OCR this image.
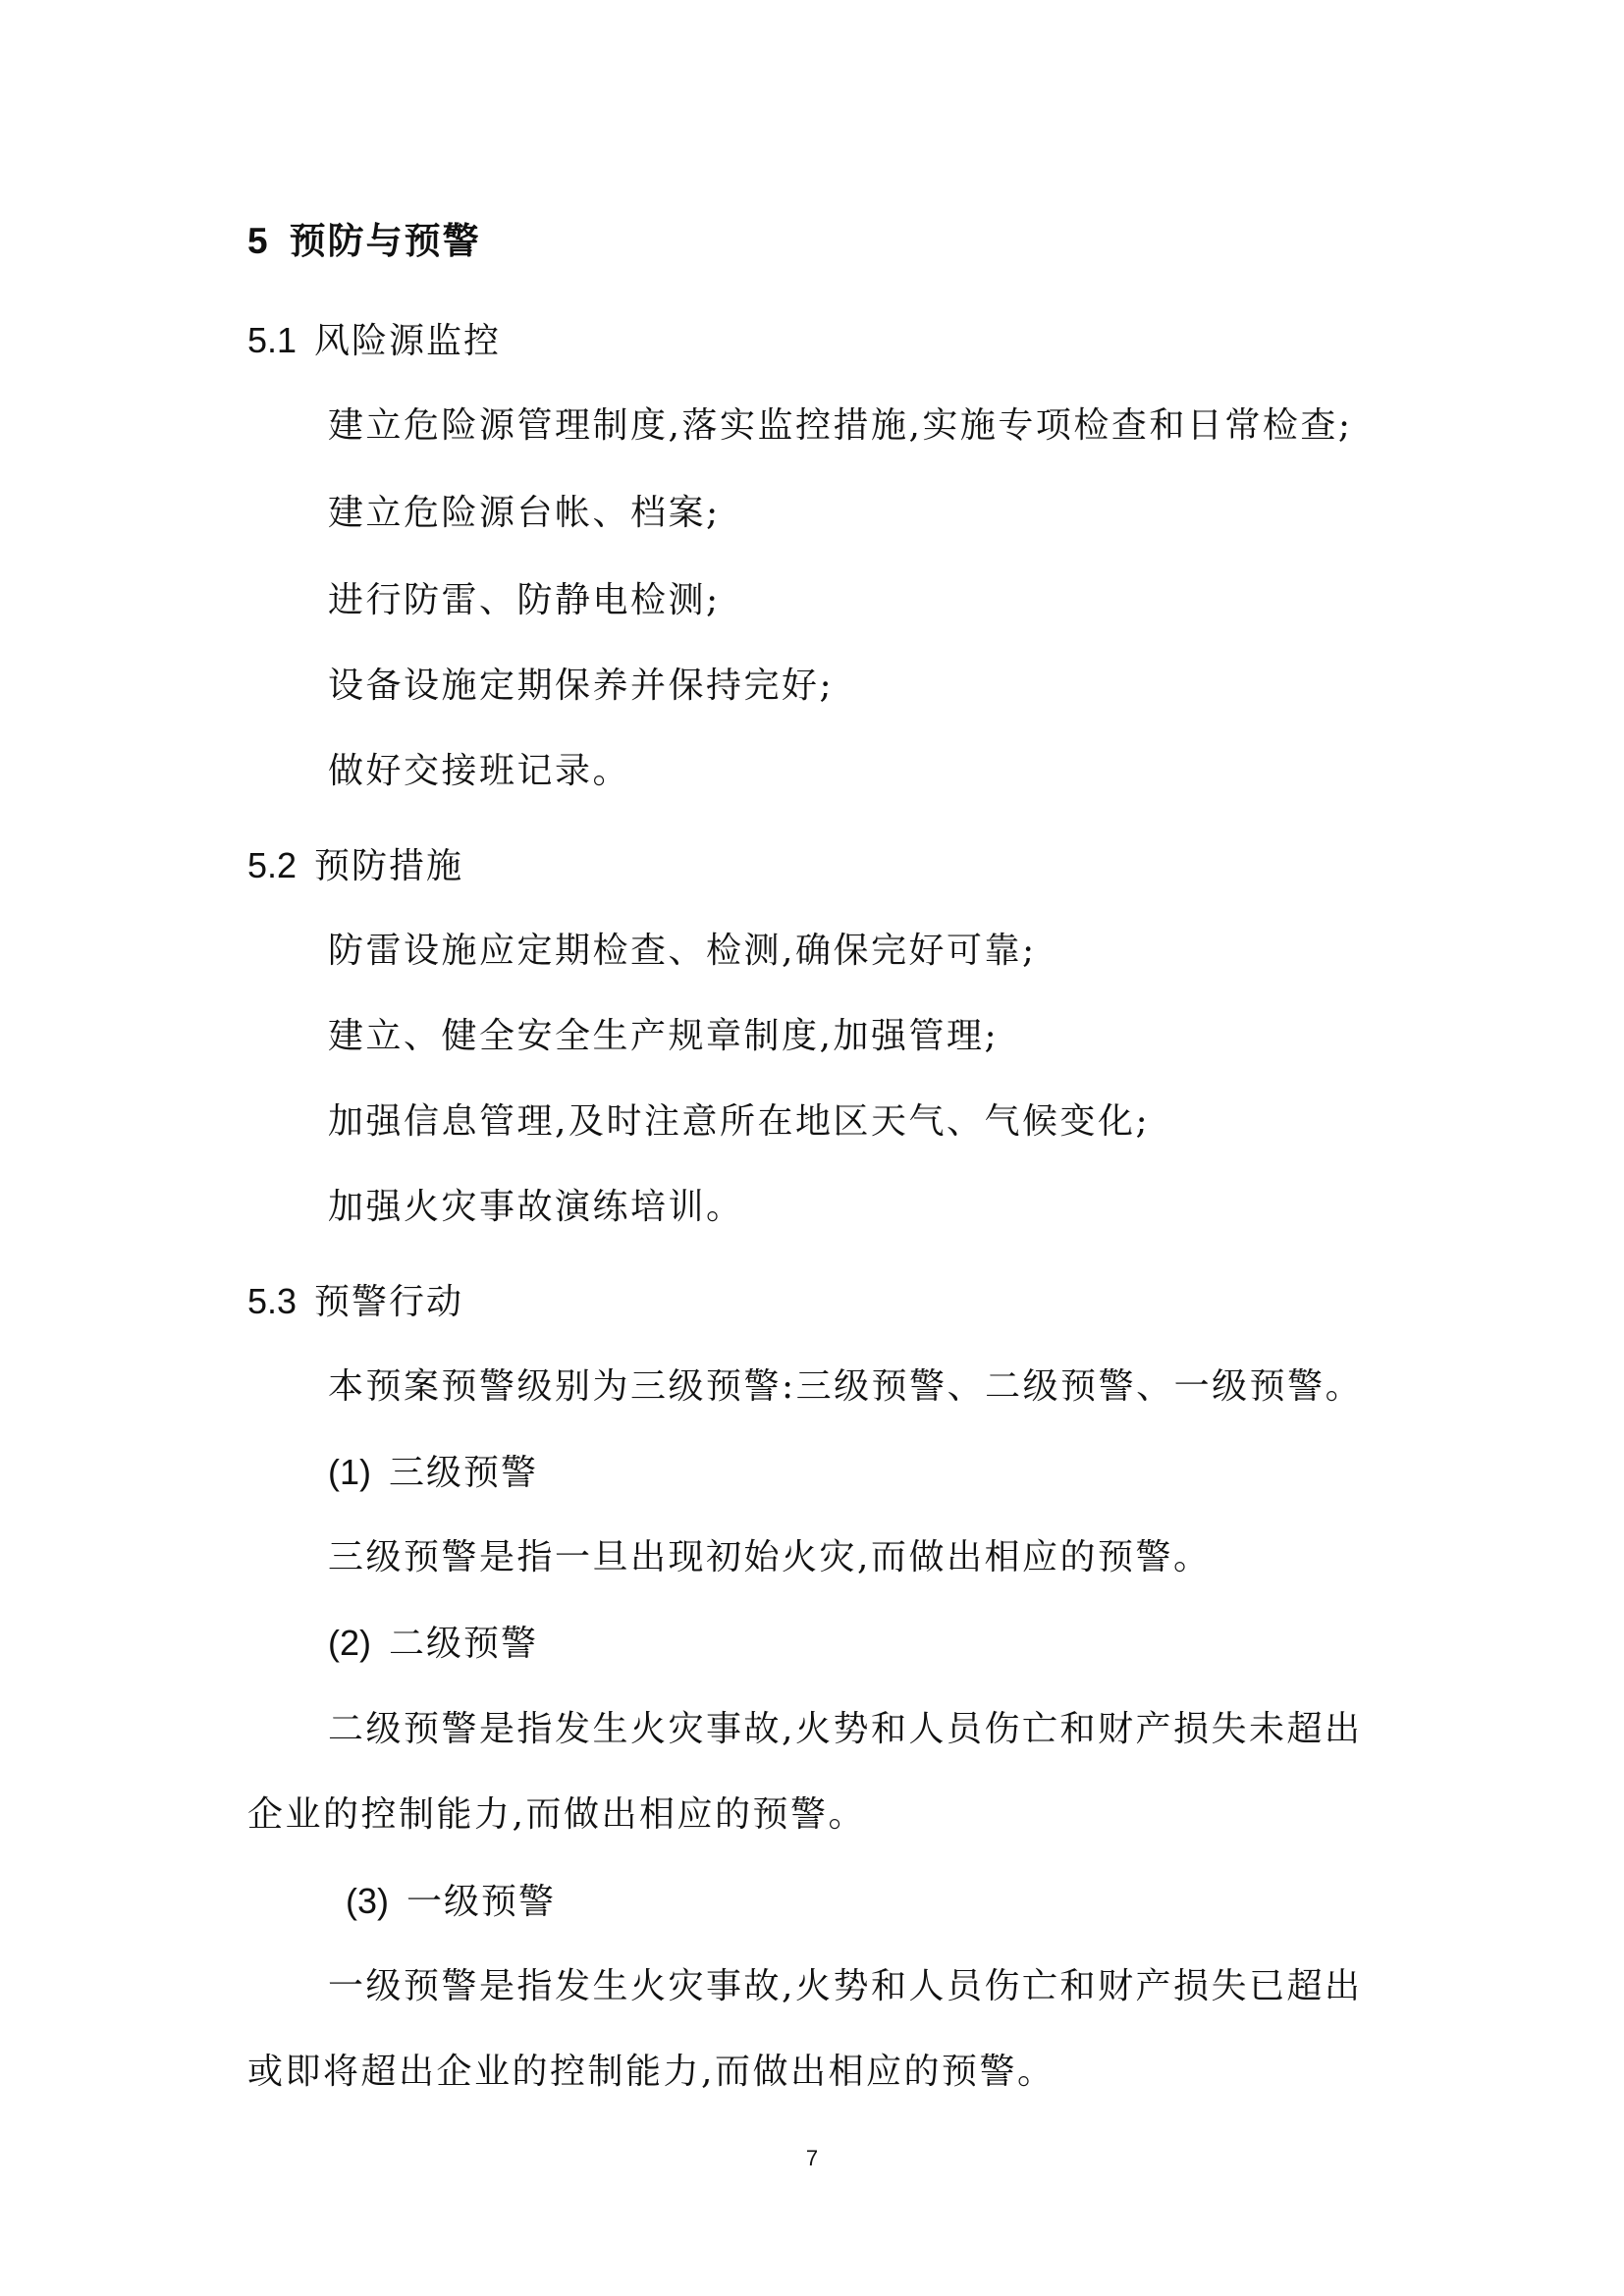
5 预防与预警
5.1 风险源监控
建立危险源管理制度,落实监控措施,实施专项检查和日常检查;
建立危险源台帐、档案;
进行防雷、防静电检测;
设备设施定期保养并保持完好;
做好交接班记录。
5.2 预防措施
防雷设施应定期检查、检测,确保完好可靠;
建立、健全安全生产规章制度,加强管理;
加强信息管理,及时注意所在地区天气、气候变化;
加强火灾事故演练培训。
5.3 预警行动
本预案预警级别为三级预警:三级预警、二级预警、一级预警。
(1) 三级预警
三级预警是指一旦出现初始火灾,而做出相应的预警。
(2) 二级预警
二级预警是指发生火灾事故,火势和人员伤亡和财产损失未超出
企业的控制能力,而做出相应的预警。
(3) 一级预警
一级预警是指发生火灾事故,火势和人员伤亡和财产损失已超出
或即将超出企业的控制能力,而做出相应的预警。
7
